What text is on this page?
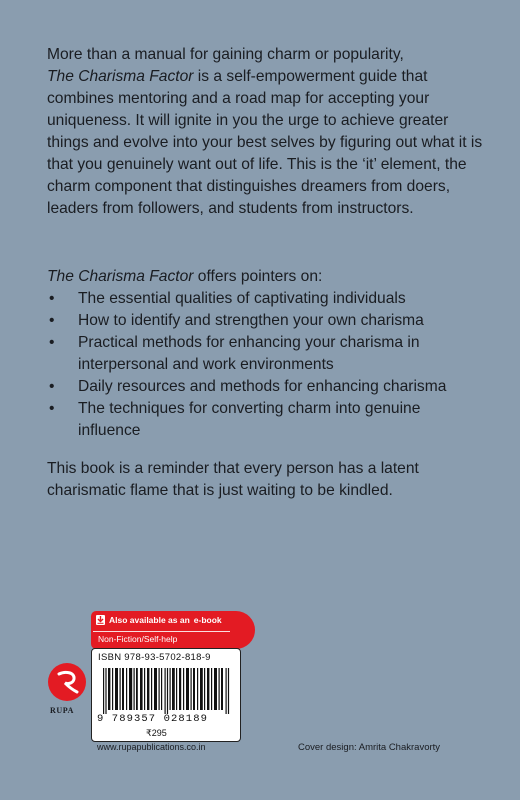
More than a manual for gaining charm or popularity,
The Charisma Factor is a self-empowerment guide that combines mentoring and a road map for accepting your uniqueness. It will ignite in you the urge to achieve greater things and evolve into your best selves by figuring out what it is that you genuinely want out of life. This is the ‘it’ element, the charm component that distinguishes dreamers from doers, leaders from followers, and students from instructors.

The Charisma Factor offers pointers on:

• The essential qualities of captivating individuals
• How to identify and strengthen your own charisma
• Practical methods for enhancing your charisma in interpersonal and work environments
• Daily resources and methods for enhancing charisma
• The techniques for converting charm into genuine influence

This book is a reminder that every person has a latent charismatic flame that is just waiting to be kindled.

Also available as an e-book
Non-Fiction/Self-help
ISBN 978-93-5702-818-9
9 789357 028189
₹295
RUPA
www.rupapublications.co.in	Cover design: Amrita Chakravorty
